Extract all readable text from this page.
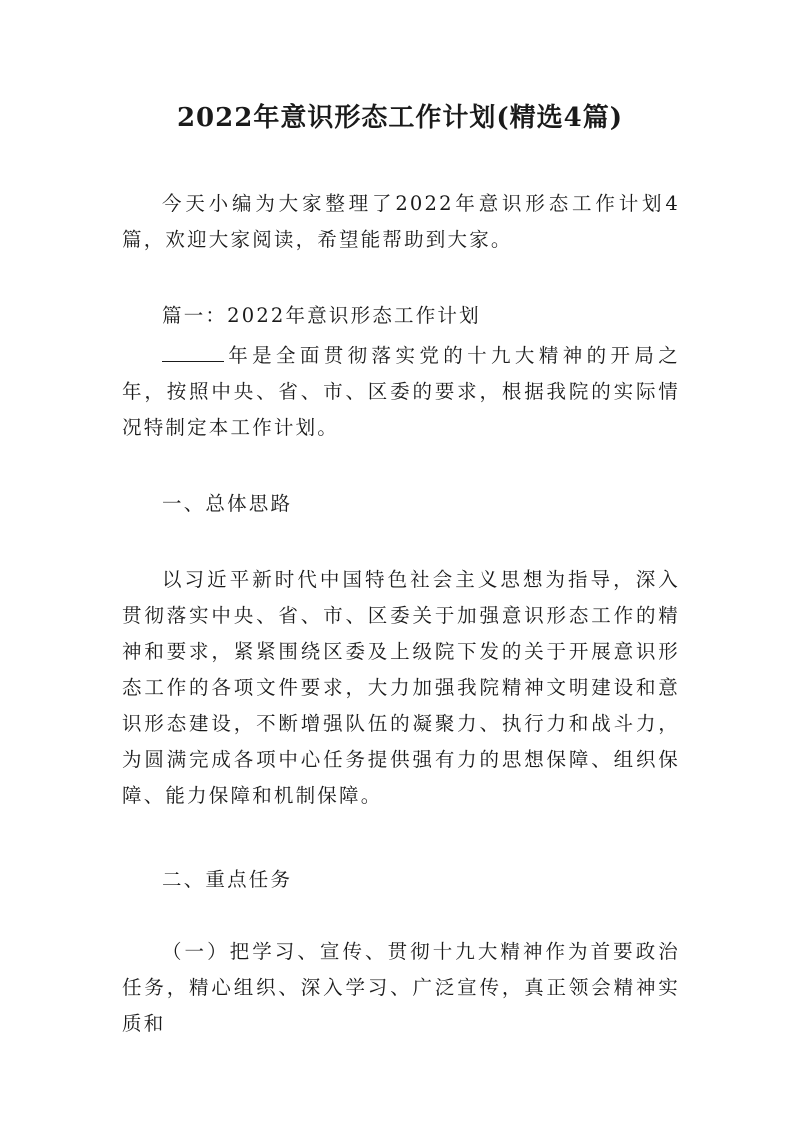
2022年意识形态工作计划(精选4篇)

今天小编为大家整理了2022年意识形态工作计划4篇，欢迎大家阅读，希望能帮助到大家。

篇一：2022年意识形态工作计划

年是全面贯彻落实党的十九大精神的开局之年，按照中央、省、市、区委的要求，根据我院的实际情况特制定本工作计划。

一、总体思路

以习近平新时代中国特色社会主义思想为指导，深入贯彻落实中央、省、市、区委关于加强意识形态工作的精神和要求，紧紧围绕区委及上级院下发的关于开展意识形态工作的各项文件要求，大力加强我院精神文明建设和意识形态建设，不断增强队伍的凝聚力、执行力和战斗力，为圆满完成各项中心任务提供强有力的思想保障、组织保障、能力保障和机制保障。

二、重点任务

（一）把学习、宣传、贯彻十九大精神作为首要政治任务，精心组织、深入学习、广泛宣传，真正领会精神实质和
